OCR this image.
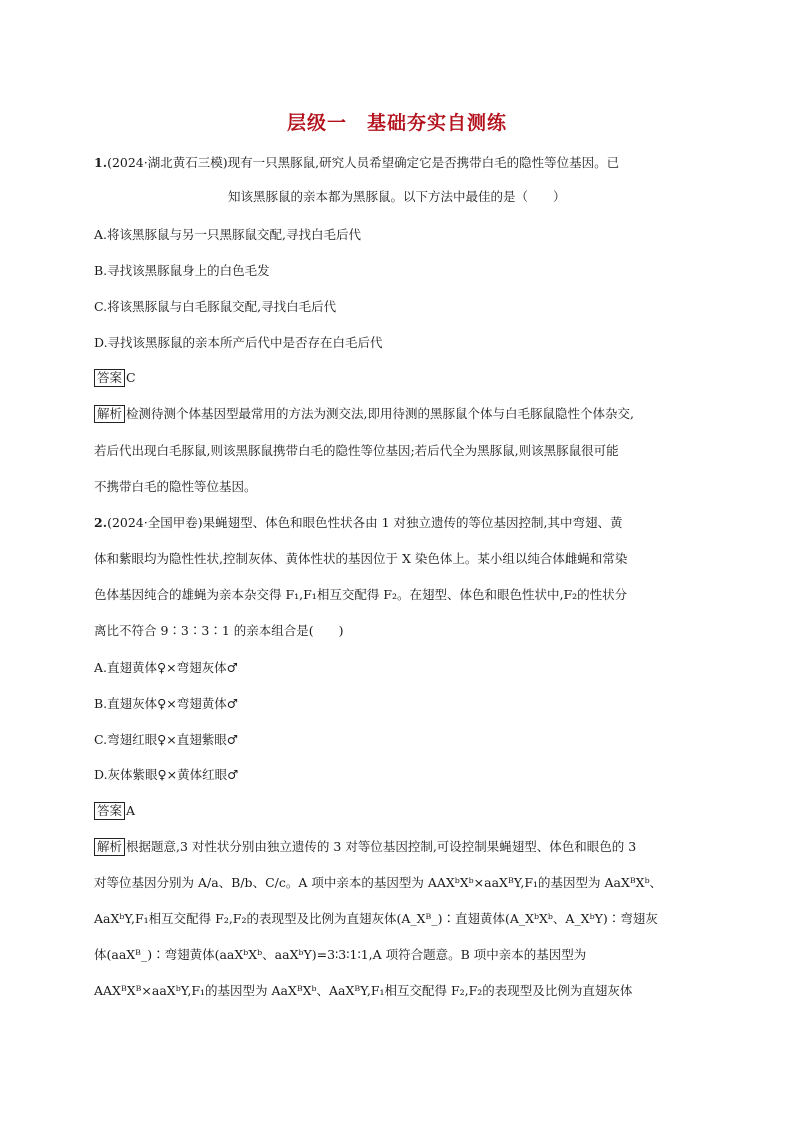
层级一　基础夯实自测练
1.(2024·湖北黄石三模)现有一只黑豚鼠,研究人员希望确定它是否携带白毛的隐性等位基因。已
知该黑豚鼠的亲本都为黑豚鼠。以下方法中最佳的是（　　）
A.将该黑豚鼠与另一只黑豚鼠交配,寻找白毛后代
B.寻找该黑豚鼠身上的白色毛发
C.将该黑豚鼠与白毛豚鼠交配,寻找白毛后代
D.寻找该黑豚鼠的亲本所产后代中是否存在白毛后代
答案 C
解析 检测待测个体基因型最常用的方法为测交法,即用待测的黑豚鼠个体与白毛豚鼠隐性个体杂交,
若后代出现白毛豚鼠,则该黑豚鼠携带白毛的隐性等位基因;若后代全为黑豚鼠,则该黑豚鼠很可能
不携带白毛的隐性等位基因。
2.(2024·全国甲卷)果蝇翅型、体色和眼色性状各由 1 对独立遗传的等位基因控制,其中弯翅、黄
体和紫眼均为隐性性状,控制灰体、黄体性状的基因位于 X 染色体上。某小组以纯合体雌蝇和常染
色体基因纯合的雄蝇为亲本杂交得 F₁,F₁相互交配得 F₂。在翅型、体色和眼色性状中,F₂的性状分
离比不符合 9∶3∶3∶1 的亲本组合是(　　)
A.直翅黄体♀×弯翅灰体♂
B.直翅灰体♀×弯翅黄体♂
C.弯翅红眼♀×直翅紫眼♂
D.灰体紫眼♀×黄体红眼♂
答案 A
解析 根据题意,3 对性状分别由独立遗传的 3 对等位基因控制,可设控制果蝇翅型、体色和眼色的 3
对等位基因分别为 A/a、B/b、C/c。A 项中亲本的基因型为 AAXᵇXᵇ×aaXᴮY,F₁的基因型为 AaXᴮXᵇ、
AaXᵇY,F₁相互交配得 F₂,F₂的表现型及比例为直翅灰体(A_Xᴮ_)∶直翅黄体(A_XᵇXᵇ、A_XᵇY)∶弯翅灰
体(aaXᴮ_)∶弯翅黄体(aaXᵇXᵇ、aaXᵇY)=3∶3∶1∶1,A 项符合题意。B 项中亲本的基因型为
AAXᴮXᴮ×aaXᵇY,F₁的基因型为 AaXᴮXᵇ、AaXᴮY,F₁相互交配得 F₂,F₂的表现型及比例为直翅灰体
